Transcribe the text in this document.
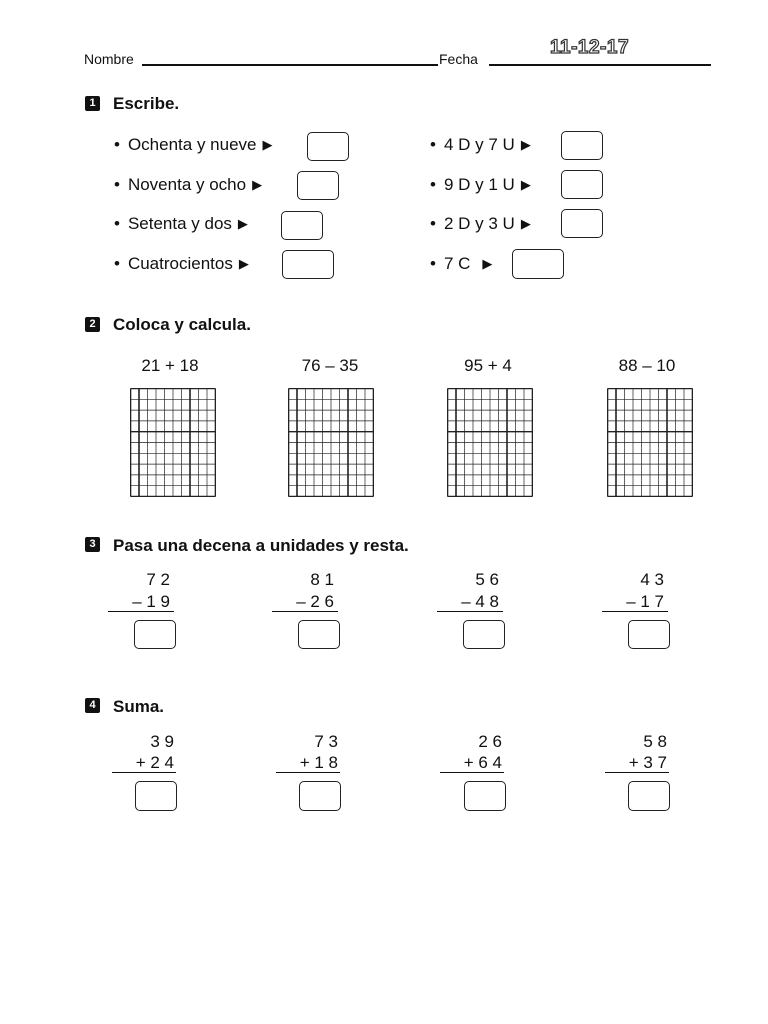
Nombre	Fecha
11-12-17
1 Escribe.
• Ochenta y nueve ▶
• Noventa y ocho ▶
• Setenta y dos ▶
• Cuatrocientos ▶
• 4 D y 7 U ▶
• 9 D y 1 U ▶
• 2 D y 3 U ▶
• 7 C ▶
2 Coloca y calcula.
21 + 18	76 – 35	95 + 4	88 – 10
3 Pasa una decena a unidades y resta.
7 2
– 1 9
8 1
– 2 6
5 6
– 4 8
4 3
– 1 7
4 Suma.
3 9
+ 2 4
7 3
+ 1 8
2 6
+ 6 4
5 8
+ 3 7
